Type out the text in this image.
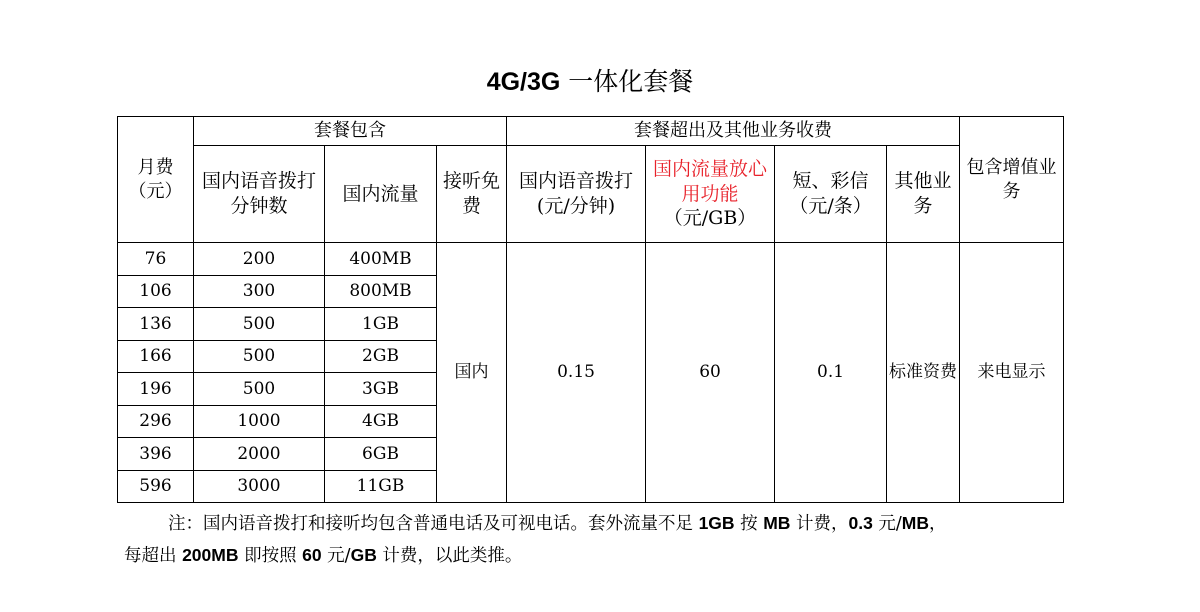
4G/3G 一体化套餐
月费（元）	套餐包含			套餐超出及其他业务收费				包含增值业务
	国内语音拨打分钟数	国内流量	接听免费	国内语音拨打(元/分钟)	国内流量放心用功能（元/GB）	短、彩信（元/条）	其他业务	
76	200	400MB	国内	0.15	60	0.1	标准资费	来电显示
106	300	800MB						
136	500	1GB						
166	500	2GB						
196	500	3GB						
296	1000	4GB						
396	2000	6GB						
596	3000	11GB						

注：国内语音拨打和接听均包含普通电话及可视电话。套外流量不足 1GB 按 MB 计费，0.3 元/MB，

每超出 200MB 即按照 60 元/GB 计费，以此类推。
